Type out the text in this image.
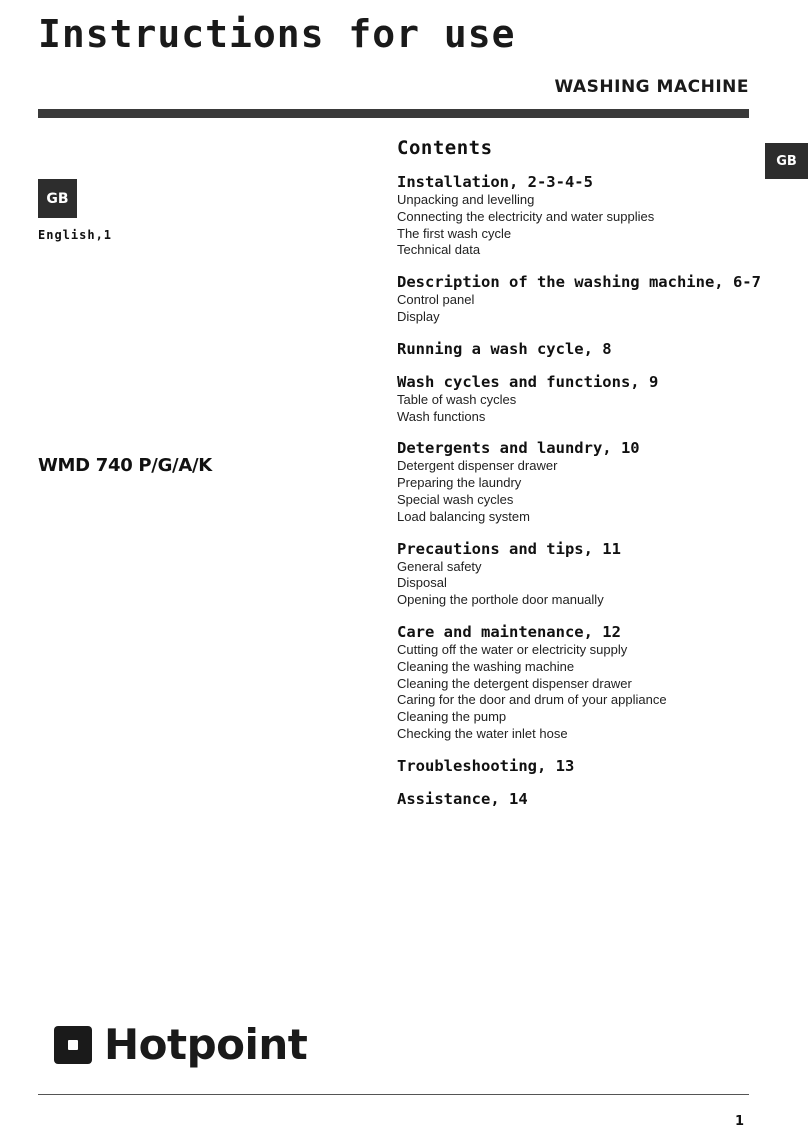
Instructions for use
WASHING MACHINE
GB
English,1
WMD 740 P/G/A/K
GB
Contents
Installation, 2-3-4-5
Unpacking and levelling
Connecting the electricity and water supplies
The first wash cycle
Technical data
Description of the washing machine, 6-7
Control panel
Display
Running a wash cycle, 8
Wash cycles and functions, 9
Table of wash cycles
Wash functions
Detergents and laundry, 10
Detergent dispenser drawer
Preparing the laundry
Special wash cycles
Load balancing system
Precautions and tips, 11
General safety
Disposal
Opening the porthole door manually
Care and maintenance, 12
Cutting off the water or electricity supply
Cleaning the washing machine
Cleaning the detergent dispenser drawer
Caring for the door and drum of your appliance
Cleaning the pump
Checking the water inlet hose
Troubleshooting, 13
Assistance, 14
Hotpoint
1
